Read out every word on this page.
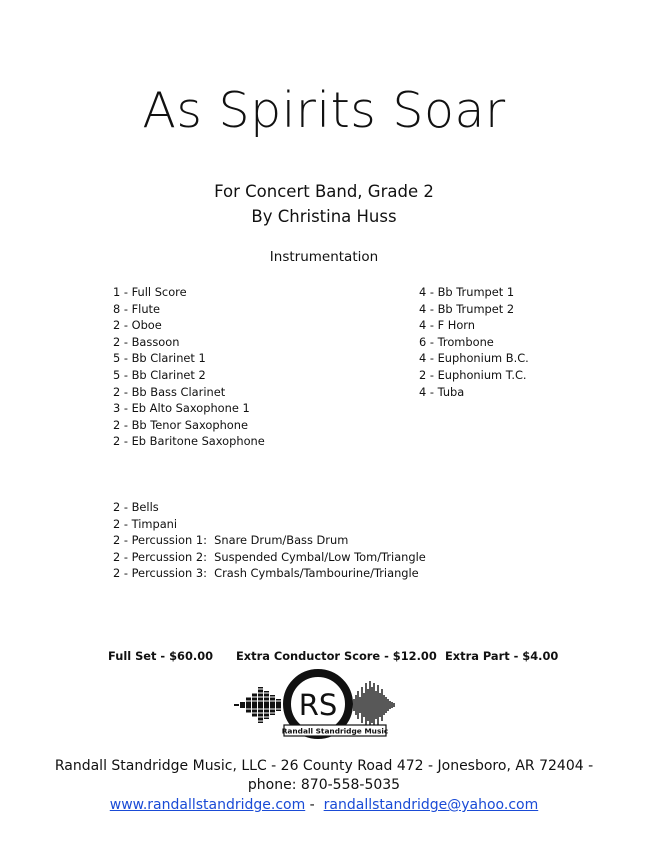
As Spirits Soar
For Concert Band, Grade 2
By Christina Huss
Instrumentation
1 - Full Score
8 - Flute
2 - Oboe
2 - Bassoon
5 - Bb Clarinet 1
5 - Bb Clarinet 2
2 - Bb Bass Clarinet
3 - Eb Alto Saxophone 1
2 - Bb Tenor Saxophone
2 - Eb Baritone Saxophone
4 - Bb Trumpet 1
4 - Bb Trumpet 2
4 - F Horn
6 - Trombone
4 - Euphonium B.C.
2 - Euphonium T.C.
4 - Tuba
2 - Bells
2 - Timpani
2 - Percussion 1:  Snare Drum/Bass Drum
2 - Percussion 2:  Suspended Cymbal/Low Tom/Triangle
2 - Percussion 3:  Crash Cymbals/Tambourine/Triangle
Full Set - $60.00 Extra Conductor Score - $12.00 Extra Part - $4.00
RS
Randall Standridge Music
Randall Standridge Music, LLC - 26 County Road 472 - Jonesboro, AR 72404 -
phone: 870-558-5035
www.randallstandridge.com -  randallstandridge@yahoo.com
